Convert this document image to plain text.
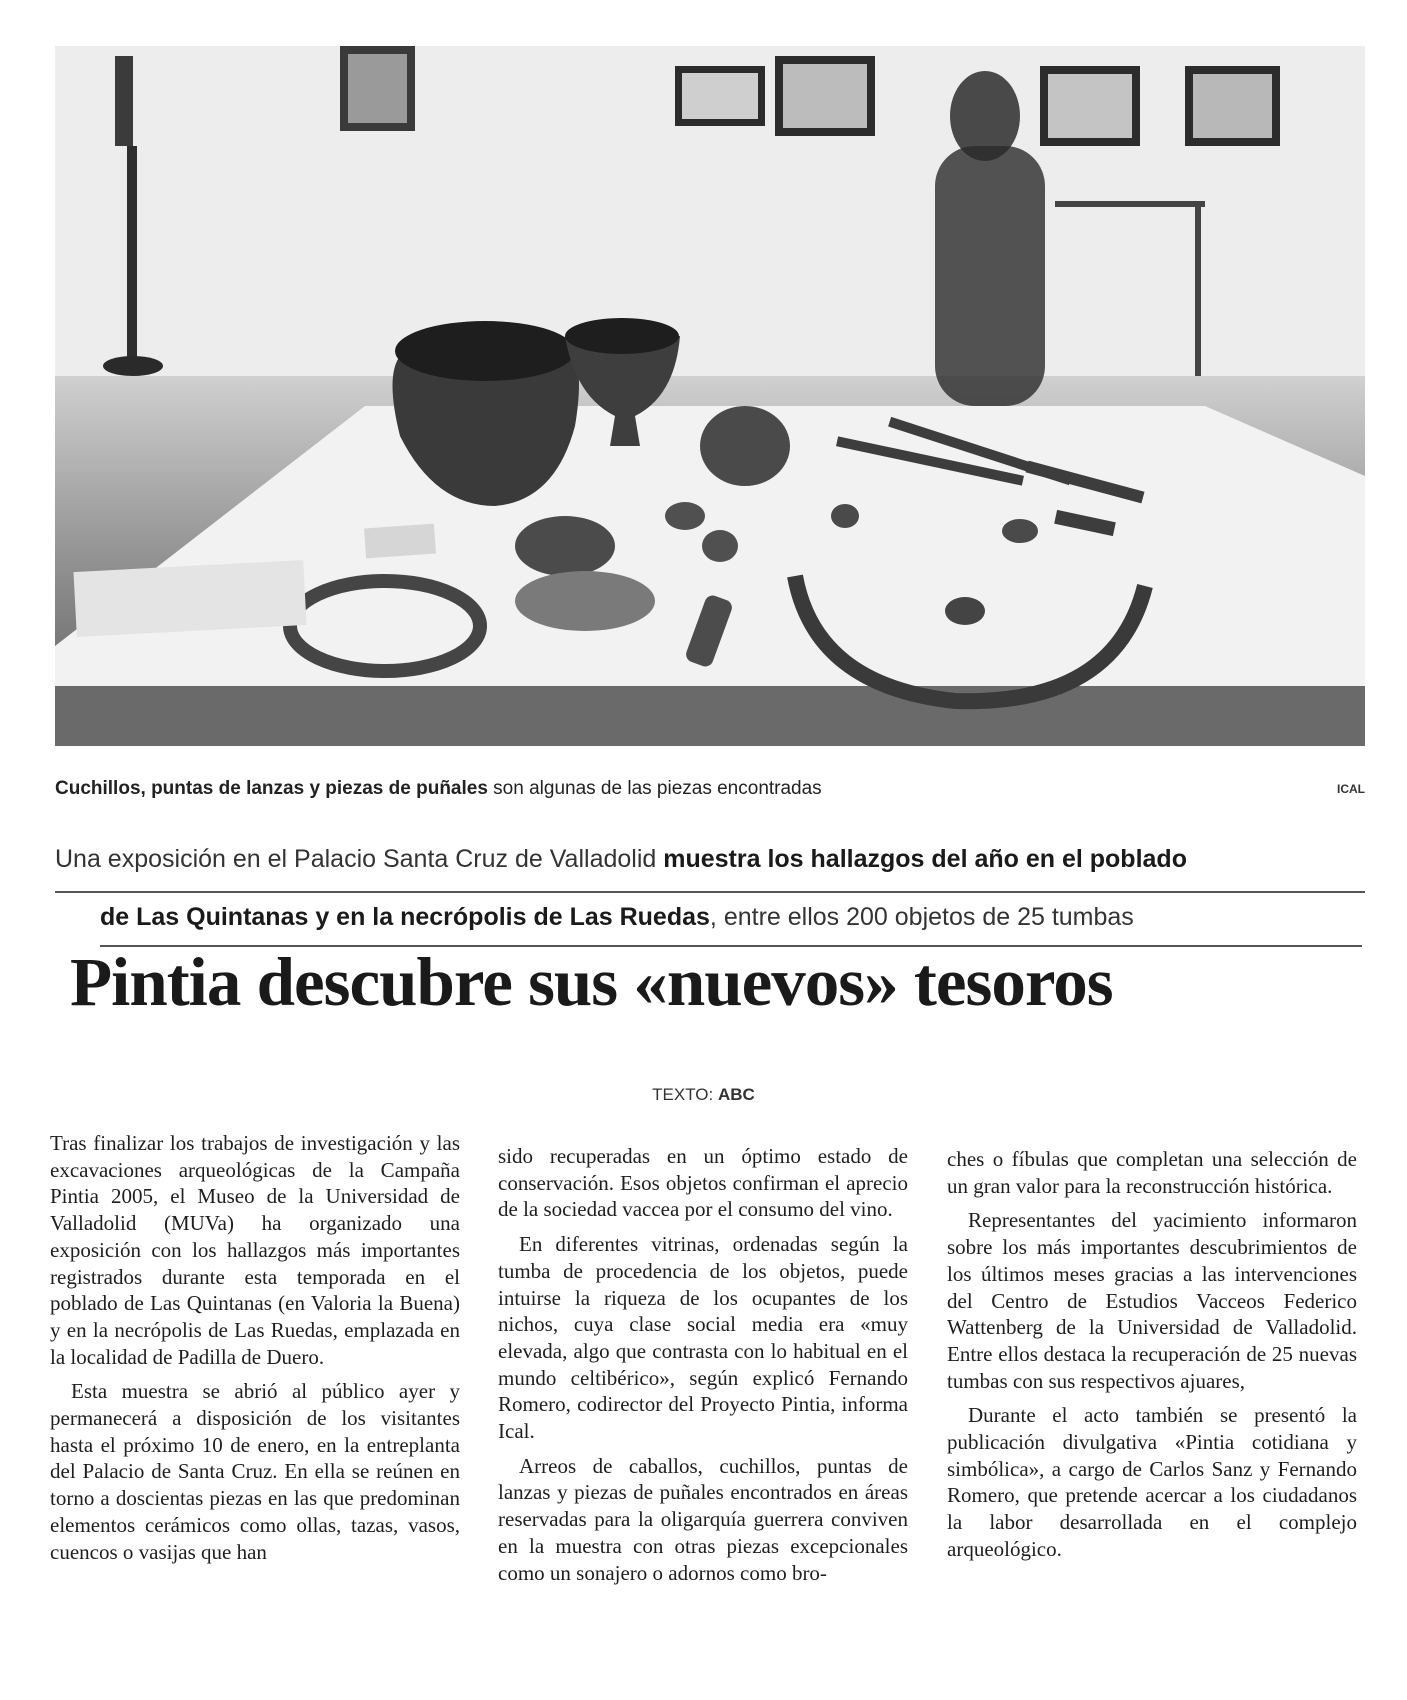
Cuchillos, puntas de lanzas y piezas de puñales son algunas de las piezas encontradas	ICAL
Una exposición en el Palacio Santa Cruz de Valladolid muestra los hallazgos del año en el poblado
de Las Quintanas y en la necrópolis de Las Ruedas, entre ellos 200 objetos de 25 tumbas
Pintia descubre sus «nuevos» tesoros
TEXTO: ABC

Tras finalizar los trabajos de investigación y las excavaciones arqueológicas de la Campaña Pintia 2005, el Museo de la Universidad de Valladolid (MUVa) ha organizado una exposición con los hallazgos más importantes registrados durante esta temporada en el poblado de Las Quintanas (en Valoria la Buena) y en la necrópolis de Las Ruedas, emplazada en la localidad de Padilla de Duero.

Esta muestra se abrió al público ayer y permanecerá a disposición de los visitantes hasta el próximo 10 de enero, en la entreplanta del Palacio de Santa Cruz. En ella se reúnen en torno a doscientas piezas en las que predominan elementos cerámicos como ollas, tazas, vasos, cuencos o vasijas que han

sido recuperadas en un óptimo estado de conservación. Esos objetos confirman el aprecio de la sociedad vaccea por el consumo del vino.

En diferentes vitrinas, ordenadas según la tumba de procedencia de los objetos, puede intuirse la riqueza de los ocupantes de los nichos, cuya clase social media era «muy elevada, algo que contrasta con lo habitual en el mundo celtibérico», según explicó Fernando Romero, codirector del Proyecto Pintia, informa Ical.

Arreos de caballos, cuchillos, puntas de lanzas y piezas de puñales encontrados en áreas reservadas para la oligarquía guerrera conviven en la muestra con otras piezas excepcionales como un sonajero o adornos como bro-

ches o fíbulas que completan una selección de un gran valor para la reconstrucción histórica.

Representantes del yacimiento informaron sobre los más importantes descubrimientos de los últimos meses gracias a las intervenciones del Centro de Estudios Vacceos Federico Wattenberg de la Universidad de Valladolid. Entre ellos destaca la recuperación de 25 nuevas tumbas con sus respectivos ajuares,

Durante el acto también se presentó la publicación divulgativa «Pintia cotidiana y simbólica», a cargo de Carlos Sanz y Fernando Romero, que pretende acercar a los ciudadanos la labor desarrollada en el complejo arqueológico.
